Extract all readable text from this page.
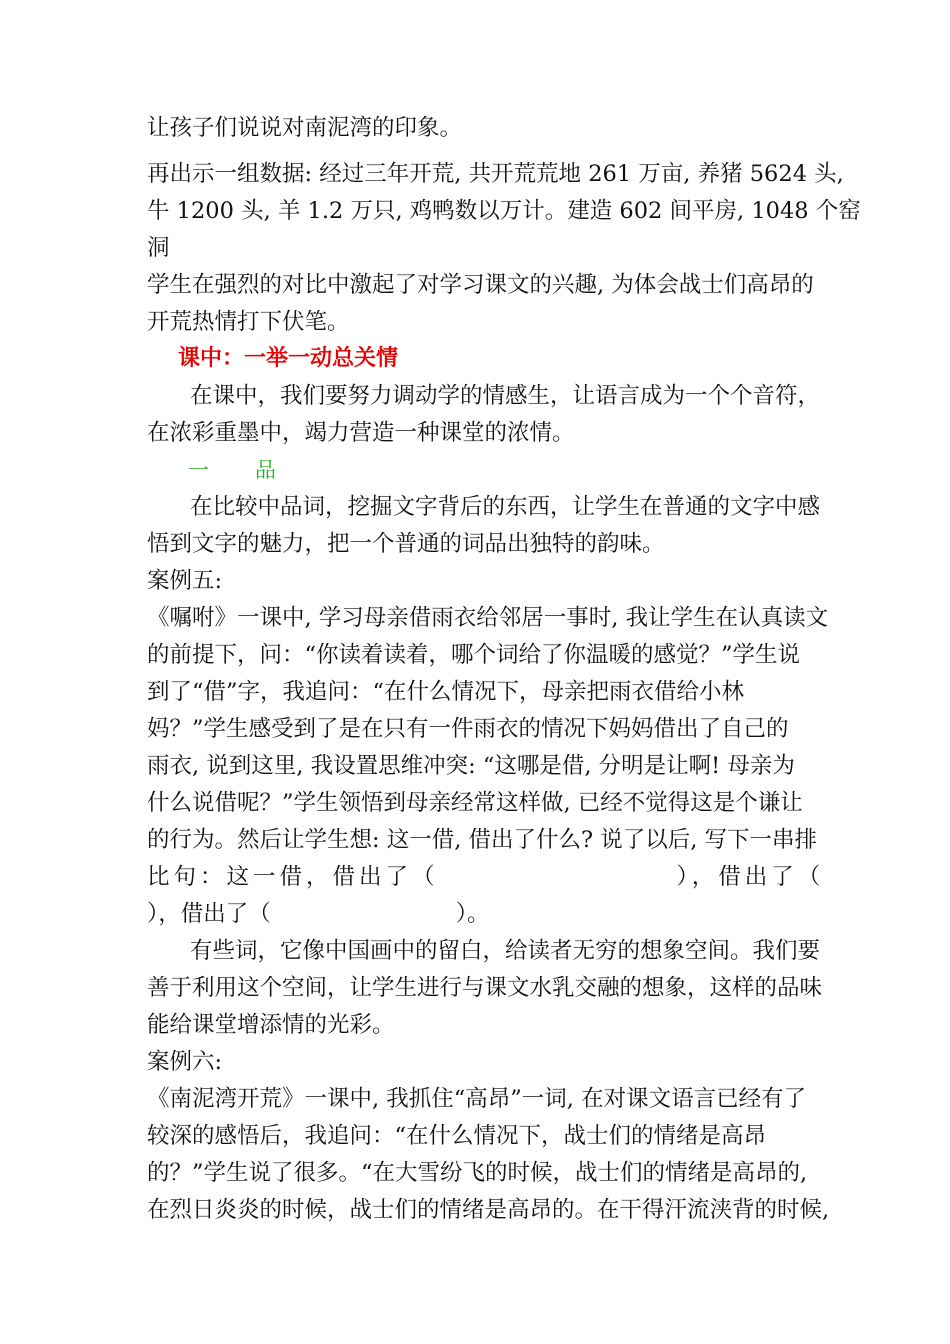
让孩子们说说对南泥湾的印象。
再出示一组数据: 经过三年开荒, 共开荒荒地 261 万亩, 养猪 5624 头,
牛 1200 头, 羊 1.2 万只, 鸡鸭数以万计。建造 602 间平房, 1048 个窑
洞
学生在强烈的对比中激起了对学习课文的兴趣, 为体会战士们高昂的
开荒热情打下伏笔。
课中：一举一动总关情
在课中，我们要努力调动学的情感生，让语言成为一个个音符，
在浓彩重墨中，竭力营造一种课堂的浓情。
一 品
在比较中品词，挖掘文字背后的东西，让学生在普通的文字中感
悟到文字的魅力，把一个普通的词品出独特的韵味。
案例五:
《嘱咐》一课中, 学习母亲借雨衣给邻居一事时, 我让学生在认真读文
的前提下，问：“你读着读着，哪个词给了你温暖的感觉？”学生说
到了“借”字，我追问：“在什么情况下，母亲把雨衣借给小林
妈？”学生感受到了是在只有一件雨衣的情况下妈妈借出了自己的
雨衣, 说到这里, 我设置思维冲突: “这哪是借, 分明是让啊! 母亲为
什么说借呢？”学生领悟到母亲经常这样做, 已经不觉得这是个谦让
的行为。然后让学生想: 这一借, 借出了什么? 说了以后, 写下一串排
比句：这一借，借出了（	），借出了（
），借出了（	）。
有些词，它像中国画中的留白，给读者无穷的想象空间。我们要
善于利用这个空间，让学生进行与课文水乳交融的想象，这样的品味
能给课堂增添情的光彩。
案例六:
《南泥湾开荒》一课中, 我抓住“高昂”一词, 在对课文语言已经有了
较深的感悟后，我追问：“在什么情况下，战士们的情绪是高昂
的？”学生说了很多。“在大雪纷飞的时候，战士们的情绪是高昂的,
在烈日炎炎的时候，战士们的情绪是高昂的。在干得汗流浃背的时候,
